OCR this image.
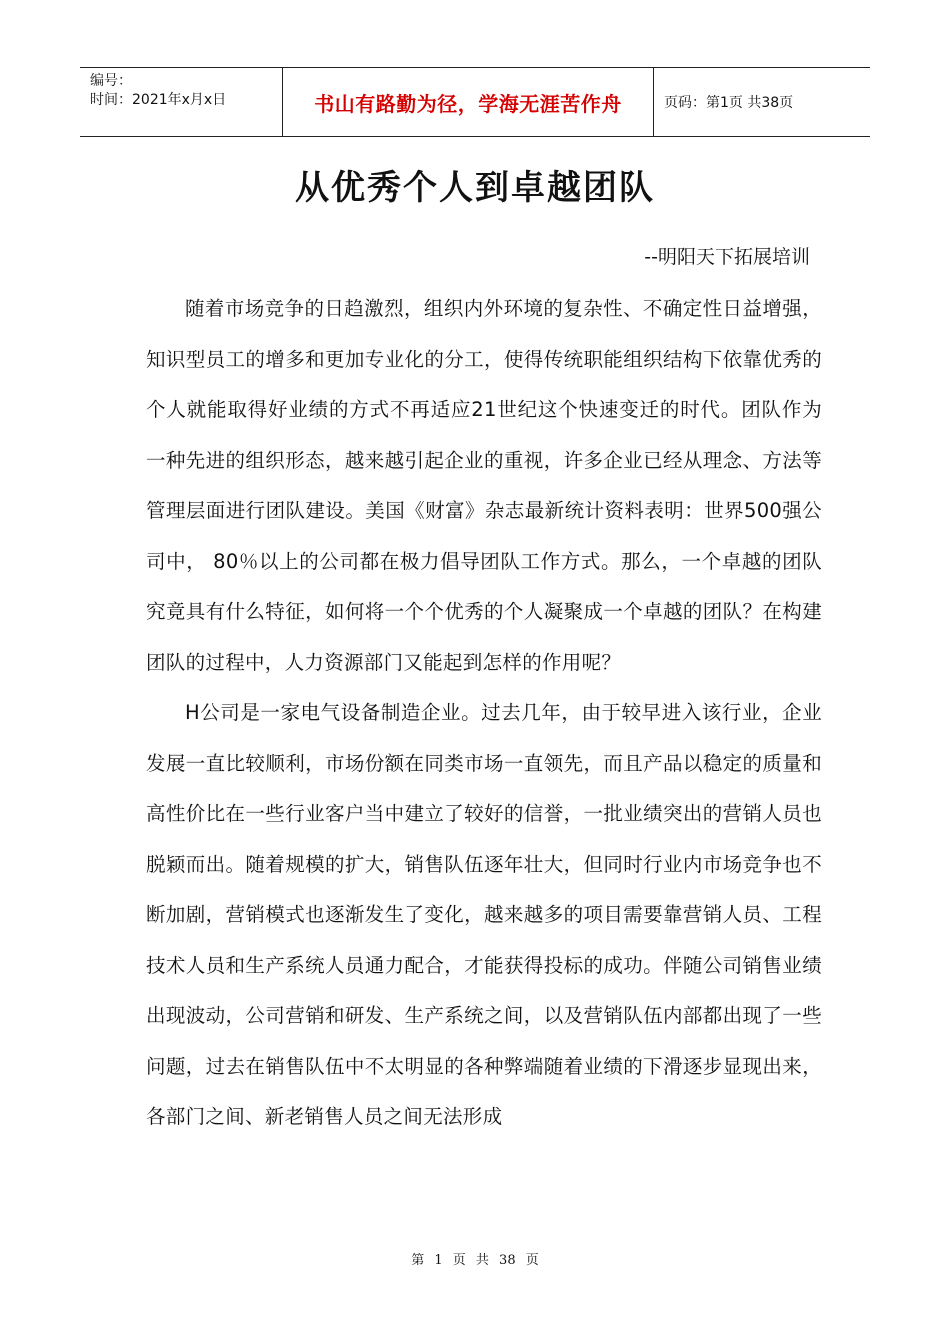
编号：
时间：2021年x月x日	书山有路勤为径，学海无涯苦作舟	页码：第1页 共38页
从优秀个人到卓越团队
--明阳天下拓展培训

随着市场竞争的日趋激烈，组织内外环境的复杂性、不确定性日益增强，知识型员工的增多和更加专业化的分工，使得传统职能组织结构下依靠优秀的个人就能取得好业绩的方式不再适应21世纪这个快速变迁的时代。团队作为一种先进的组织形态，越来越引起企业的重视，许多企业已经从理念、方法等管理层面进行团队建设。美国《财富》杂志最新统计资料表明：世界500强公司中， 80％以上的公司都在极力倡导团队工作方式。那么，一个卓越的团队究竟具有什么特征，如何将一个个优秀的个人凝聚成一个卓越的团队？在构建团队的过程中，人力资源部门又能起到怎样的作用呢？

H公司是一家电气设备制造企业。过去几年，由于较早进入该行业，企业发展一直比较顺利，市场份额在同类市场一直领先，而且产品以稳定的质量和高性价比在一些行业客户当中建立了较好的信誉，一批业绩突出的营销人员也脱颖而出。随着规模的扩大，销售队伍逐年壮大，但同时行业内市场竞争也不断加剧，营销模式也逐渐发生了变化，越来越多的项目需要靠营销人员、工程技术人员和生产系统人员通力配合，才能获得投标的成功。伴随公司销售业绩出现波动，公司营销和研发、生产系统之间，以及营销队伍内部都出现了一些问题，过去在销售队伍中不太明显的各种弊端随着业绩的下滑逐步显现出来，各部门之间、新老销售人员之间无法形成

第 1 页 共 38 页
